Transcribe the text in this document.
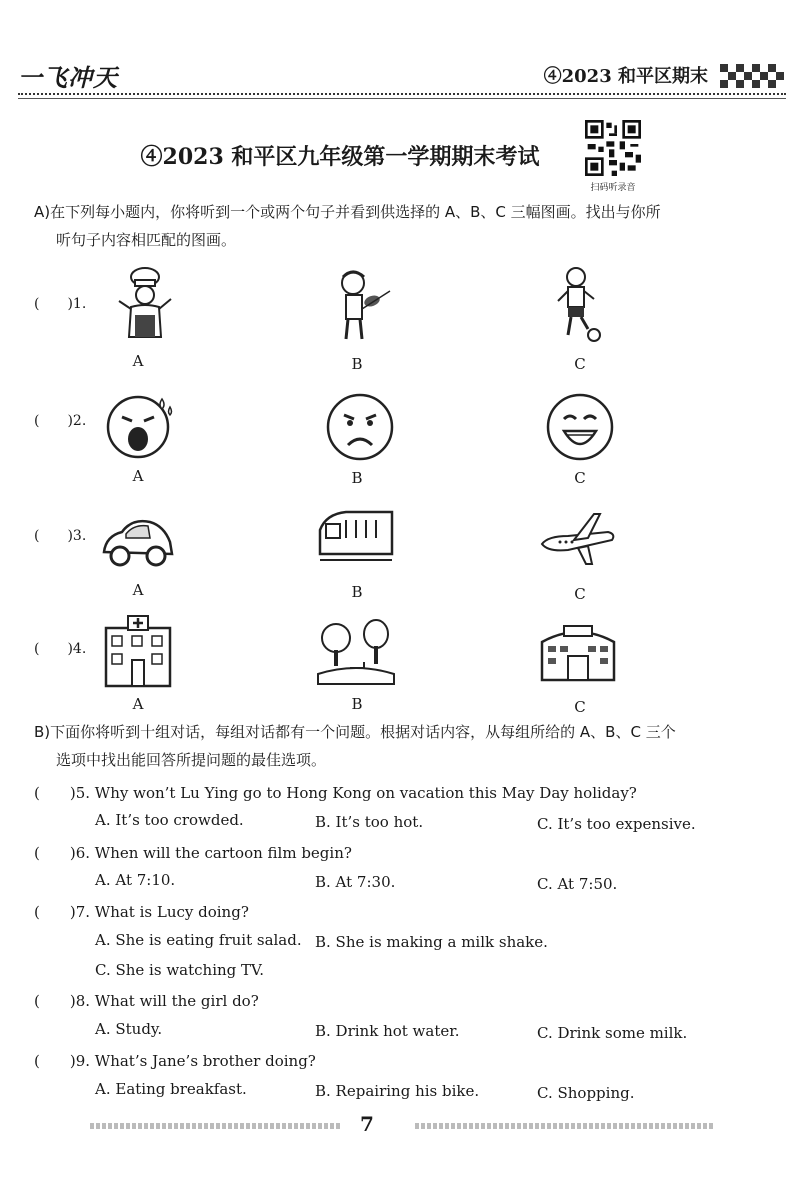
一飞冲天	④2023 和平区期末
④2023 和平区九年级第一学期期末考试
扫码听录音
A)在下列每小题内，你将听到一个或两个句子并看到供选择的 A、B、C 三幅图画。找出与你所
听句子内容相匹配的图画。
(　　)1.
A	B	C
(　　)2.
A	B	C
(　　)3.
A	B	C
(　　)4.
A	B	C
B)下面你将听到十组对话，每组对话都有一个问题。根据对话内容，从每组所给的 A、B、C 三个
选项中找出能回答所提问题的最佳选项。
(　　)5. Why won’t Lu Ying go to Hong Kong on vacation this May Day holiday?
A. It’s too crowded.	B. It’s too hot.	C. It’s too expensive.
(　　)6. When will the cartoon film begin?
A. At 7:10.	B. At 7:30.	C. At 7:50.
(　　)7. What is Lucy doing?
A. She is eating fruit salad. B. She is making a milk shake.
C. She is watching TV.
(　　)8. What will the girl do?
A. Study.	B. Drink hot water.	C. Drink some milk.
(　　)9. What’s Jane’s brother doing?
A. Eating breakfast.	B. Repairing his bike.	C. Shopping.
7
